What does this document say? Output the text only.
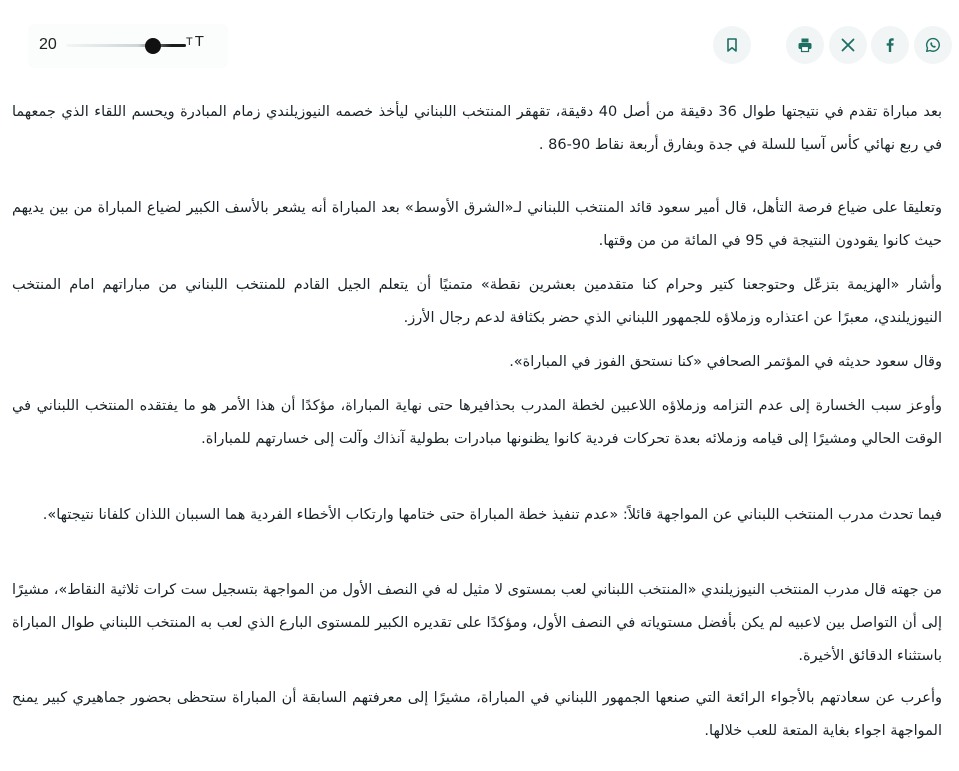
20	T T

بعد مباراة تقدم في نتيجتها طوال 36 دقيقة من أصل 40 دقيقة، تقهقر المنتخب اللبناني ليأخذ خصمه النيوزيلندي زمام المبادرة ويحسم اللقاء الذي جمعهما في ربع نهائي كأس آسيا للسلة في جدة وبفارق أربعة نقاط 90-86 .

وتعليقا على ضياع فرصة التأهل، قال أمير سعود قائد المنتخب اللبناني لـ«الشرق الأوسط» بعد المباراة أنه يشعر بالأسف الكبير لضياع المباراة من بين يديهم حيث كانوا يقودون النتيجة في 95 في المائة من من وقتها.

وأشار «الهزيمة بتزعّل وحتوجعنا كتير وحرام كنا متقدمين بعشرين نقطة» متمنيًا أن يتعلم الجيل القادم للمنتخب اللبناني من مباراتهم امام المنتخب النيوزيلندي، معبرًا عن اعتذاره وزملاؤه للجمهور اللبناني الذي حضر بكثافة لدعم رجال الأرز.

وقال سعود حديثه في المؤتمر الصحافي «كنا نستحق الفوز في المباراة».

وأوعز سبب الخسارة إلى عدم التزامه وزملاؤه اللاعبين لخطة المدرب بحذافيرها حتى نهاية المباراة، مؤكدًا أن هذا الأمر هو ما يفتقده المنتخب اللبناني في الوقت الحالي ومشيرًا إلى قيامه وزملائه بعدة تحركات فردية كانوا يظنونها مبادرات بطولية آنذاك وآلت إلى خسارتهم للمباراة.

فيما تحدث مدرب المنتخب اللبناني عن المواجهة قائلاً: «عدم تنفيذ خطة المباراة حتى ختامها وارتكاب الأخطاء الفردية هما السببان اللذان كلفانا نتيجتها».

من جهته قال مدرب المنتخب النيوزيلندي «المنتخب اللبناني لعب بمستوى لا مثيل له في النصف الأول من المواجهة بتسجيل ست كرات ثلاثية النقاط»، مشيرًا إلى أن التواصل بين لاعبيه لم يكن بأفضل مستوياته في النصف الأول، ومؤكدًا على تقديره الكبير للمستوى البارع الذي لعب به المنتخب اللبناني طوال المباراة باستثناء الدقائق الأخيرة.

وأعرب عن سعادتهم بالأجواء الرائعة التي صنعها الجمهور اللبناني في المباراة، مشيرًا إلى معرفتهم السابقة أن المباراة ستحظى بحضور جماهيري كبير يمنح المواجهة اجواء بغاية المتعة للعب خلالها.
